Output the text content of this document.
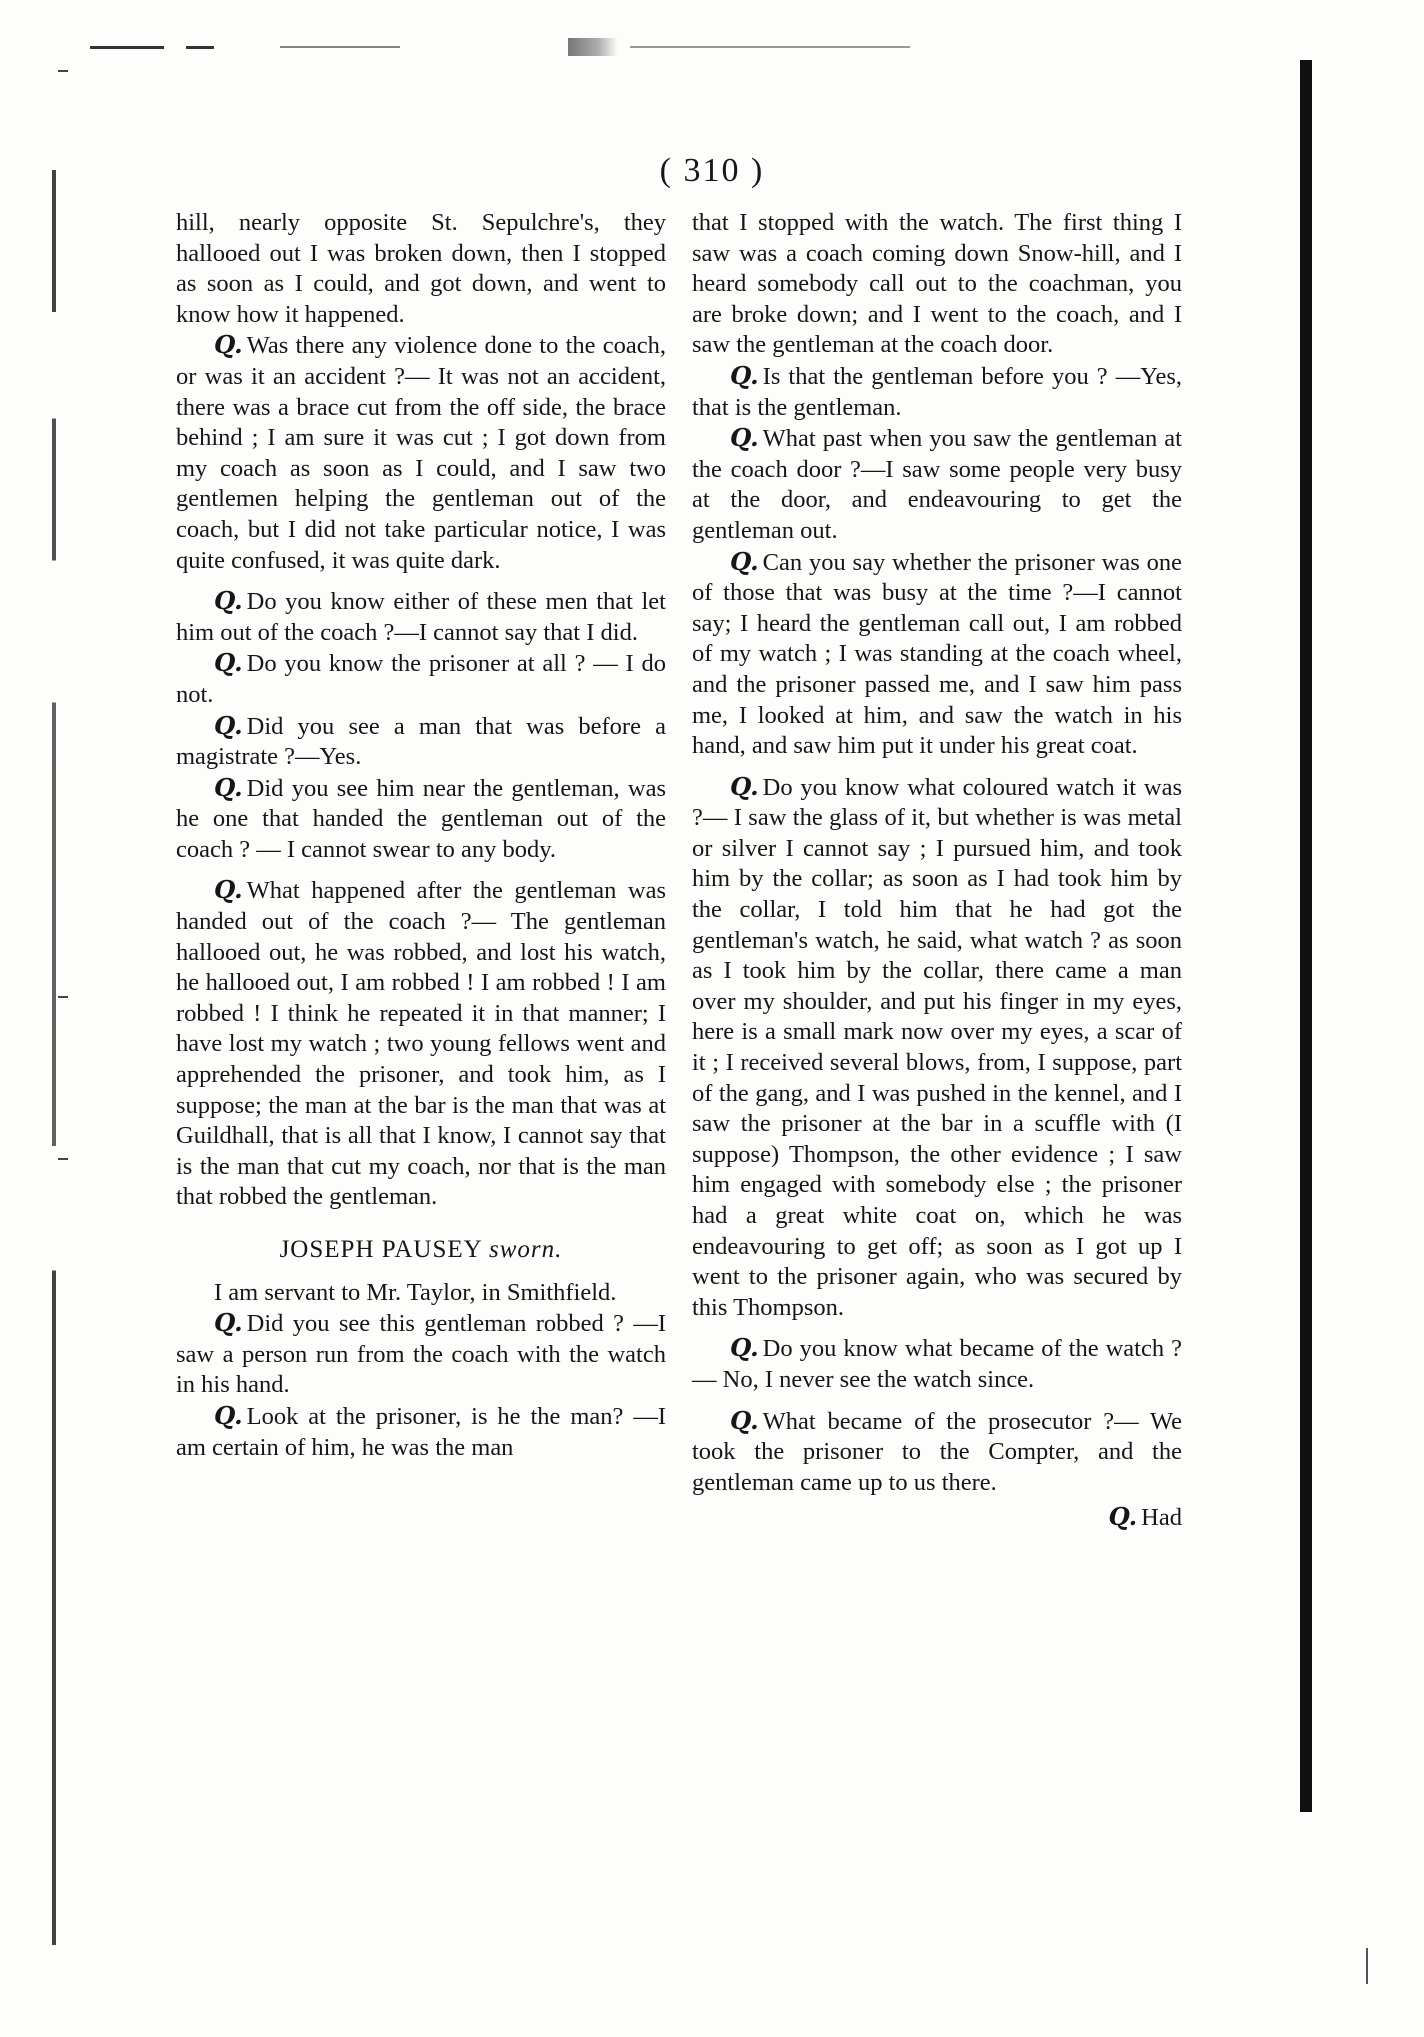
( 310 )

hill, nearly opposite St. Sepulchre's, they hallooed out I was broken down, then I stopped as soon as I could, and got down, and went to know how it happened.

Q. Was there any violence done to the coach, or was it an accident ?— It was not an accident, there was a brace cut from the off side, the brace behind ; I am sure it was cut ; I got down from my coach as soon as I could, and I saw two gentlemen helping the gentleman out of the coach, but I did not take particular notice, I was quite confused, it was quite dark.

Q. Do you know either of these men that let him out of the coach ?—I cannot say that I did.

Q. Do you know the prisoner at all ? — I do not.

Q. Did you see a man that was before a magistrate ?—Yes.

Q. Did you see him near the gentleman, was he one that handed the gentleman out of the coach ? — I cannot swear to any body.

Q. What happened after the gentleman was handed out of the coach ?— The gentleman hallooed out, he was robbed, and lost his watch, he hallooed out, I am robbed ! I am robbed ! I am robbed ! I think he repeated it in that manner; I have lost my watch ; two young fellows went and apprehended the prisoner, and took him, as I suppose; the man at the bar is the man that was at Guildhall, that is all that I know, I cannot say that is the man that cut my coach, nor that is the man that robbed the gentleman.

JOSEPH PAUSEY sworn.

I am servant to Mr. Taylor, in Smithfield.

Q. Did you see this gentleman robbed ? —I saw a person run from the coach with the watch in his hand.

Q. Look at the prisoner, is he the man? —I am certain of him, he was the man

that I stopped with the watch. The first thing I saw was a coach coming down Snow-hill, and I heard somebody call out to the coachman, you are broke down; and I went to the coach, and I saw the gentleman at the coach door.

Q. Is that the gentleman before you ? —Yes, that is the gentleman.

Q. What past when you saw the gentleman at the coach door ?—I saw some people very busy at the door, and endeavouring to get the gentleman out.

Q. Can you say whether the prisoner was one of those that was busy at the time ?—I cannot say; I heard the gentleman call out, I am robbed of my watch ; I was standing at the coach wheel, and the prisoner passed me, and I saw him pass me, I looked at him, and saw the watch in his hand, and saw him put it under his great coat.

Q. Do you know what coloured watch it was ?— I saw the glass of it, but whether is was metal or silver I cannot say ; I pursued him, and took him by the collar; as soon as I had took him by the collar, I told him that he had got the gentleman's watch, he said, what watch ? as soon as I took him by the collar, there came a man over my shoulder, and put his finger in my eyes, here is a small mark now over my eyes, a scar of it ; I received several blows, from, I suppose, part of the gang, and I was pushed in the kennel, and I saw the prisoner at the bar in a scuffle with (I suppose) Thompson, the other evidence ; I saw him engaged with somebody else ; the prisoner had a great white coat on, which he was endeavouring to get off; as soon as I got up I went to the prisoner again, who was secured by this Thompson.

Q. Do you know what became of the watch ? — No, I never see the watch since.

Q. What became of the prosecutor ?— We took the prisoner to the Compter, and the gentleman came up to us there.

Q. Had
